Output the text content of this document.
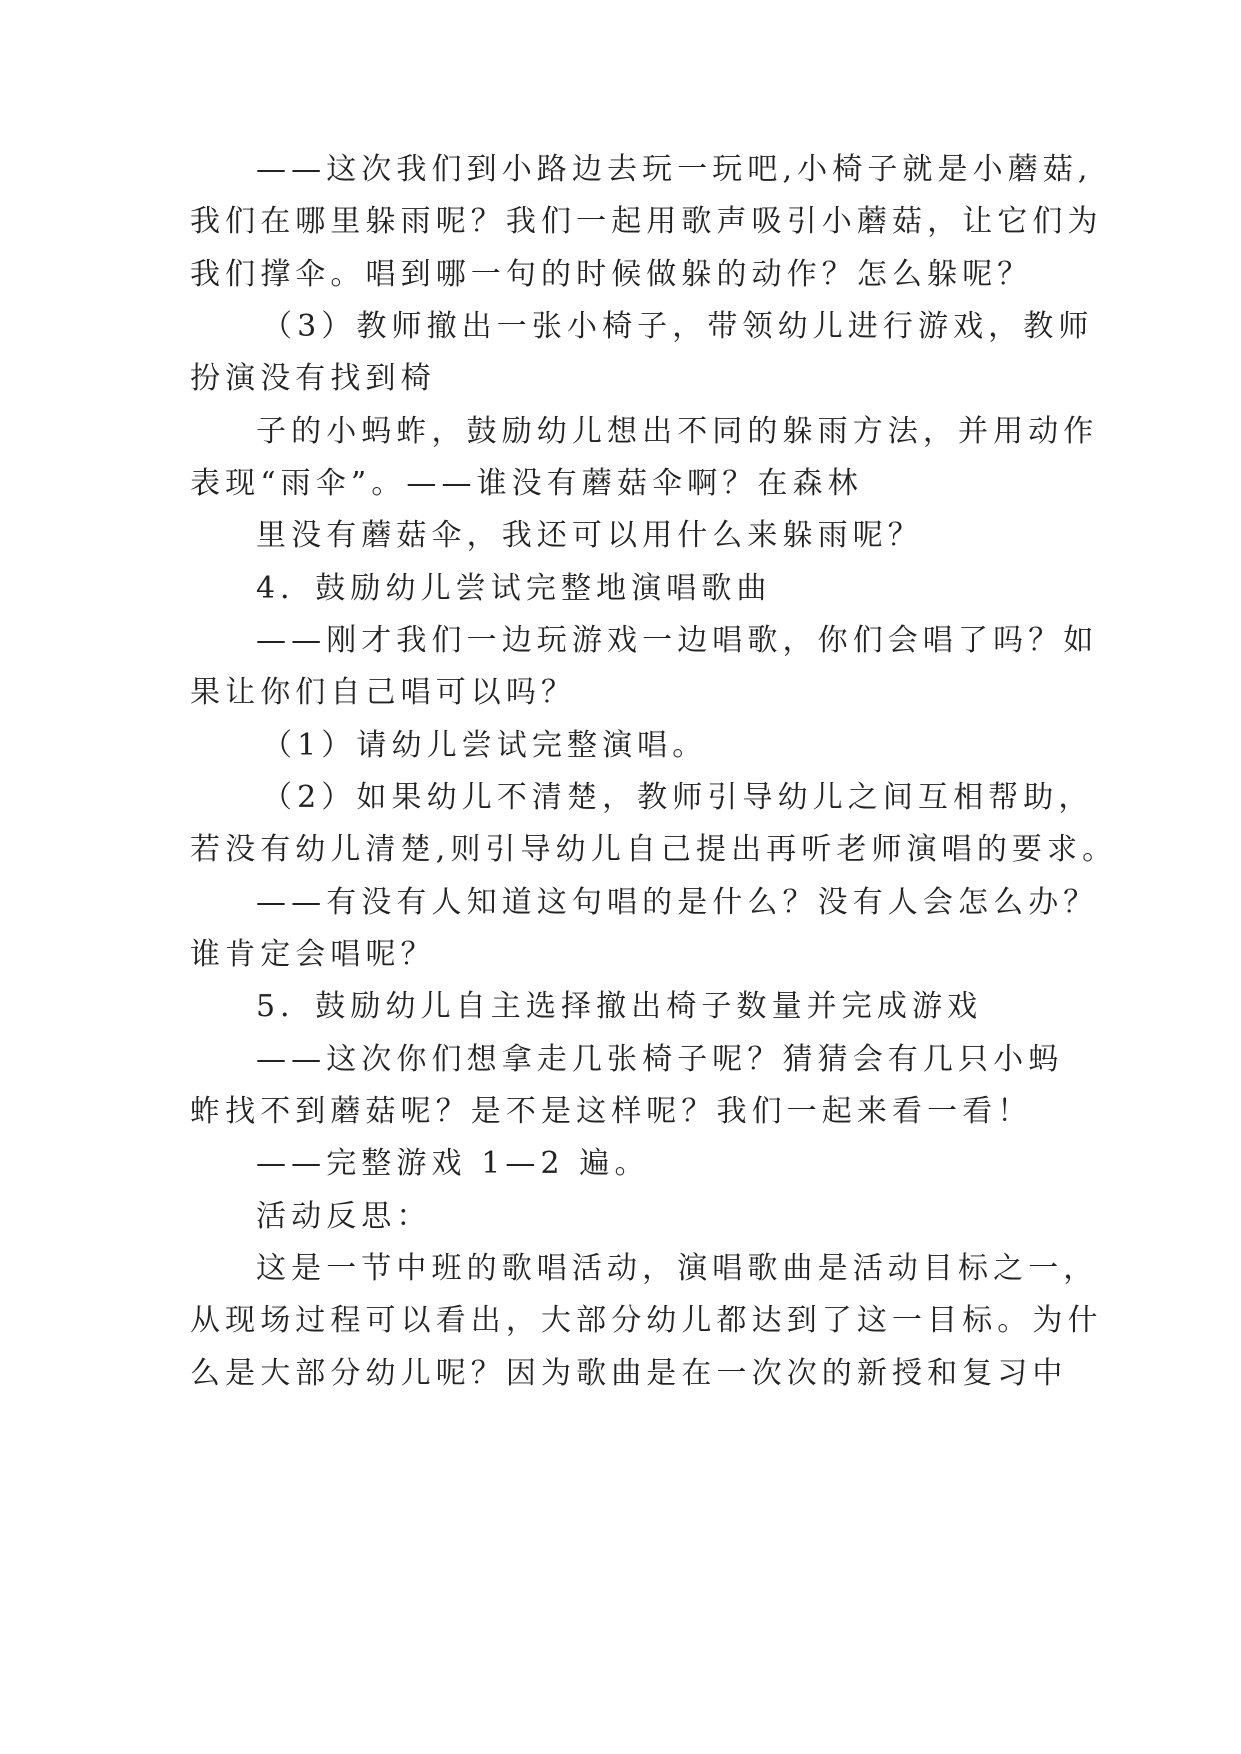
——这次我们到小路边去玩一玩吧,小椅子就是小蘑菇,
我们在哪里躲雨呢？我们一起用歌声吸引小蘑菇，让它们为
我们撑伞。唱到哪一句的时候做躲的动作？怎么躲呢？
（3）教师撤出一张小椅子，带领幼儿进行游戏，教师
扮演没有找到椅
子的小蚂蚱，鼓励幼儿想出不同的躲雨方法，并用动作
表现“雨伞”。——谁没有蘑菇伞啊？在森林
里没有蘑菇伞，我还可以用什么来躲雨呢？
4．鼓励幼儿尝试完整地演唱歌曲
——刚才我们一边玩游戏一边唱歌，你们会唱了吗？如
果让你们自己唱可以吗？
（1）请幼儿尝试完整演唱。
（2）如果幼儿不清楚，教师引导幼儿之间互相帮助，
若没有幼儿清楚,则引导幼儿自己提出再听老师演唱的要求。
——有没有人知道这句唱的是什么？没有人会怎么办？
谁肯定会唱呢？
5．鼓励幼儿自主选择撤出椅子数量并完成游戏
——这次你们想拿走几张椅子呢？猜猜会有几只小蚂
蚱找不到蘑菇呢？是不是这样呢？我们一起来看一看！
——完整游戏 1—2 遍。
活动反思：
这是一节中班的歌唱活动，演唱歌曲是活动目标之一，
从现场过程可以看出，大部分幼儿都达到了这一目标。为什
么是大部分幼儿呢？因为歌曲是在一次次的新授和复习中
